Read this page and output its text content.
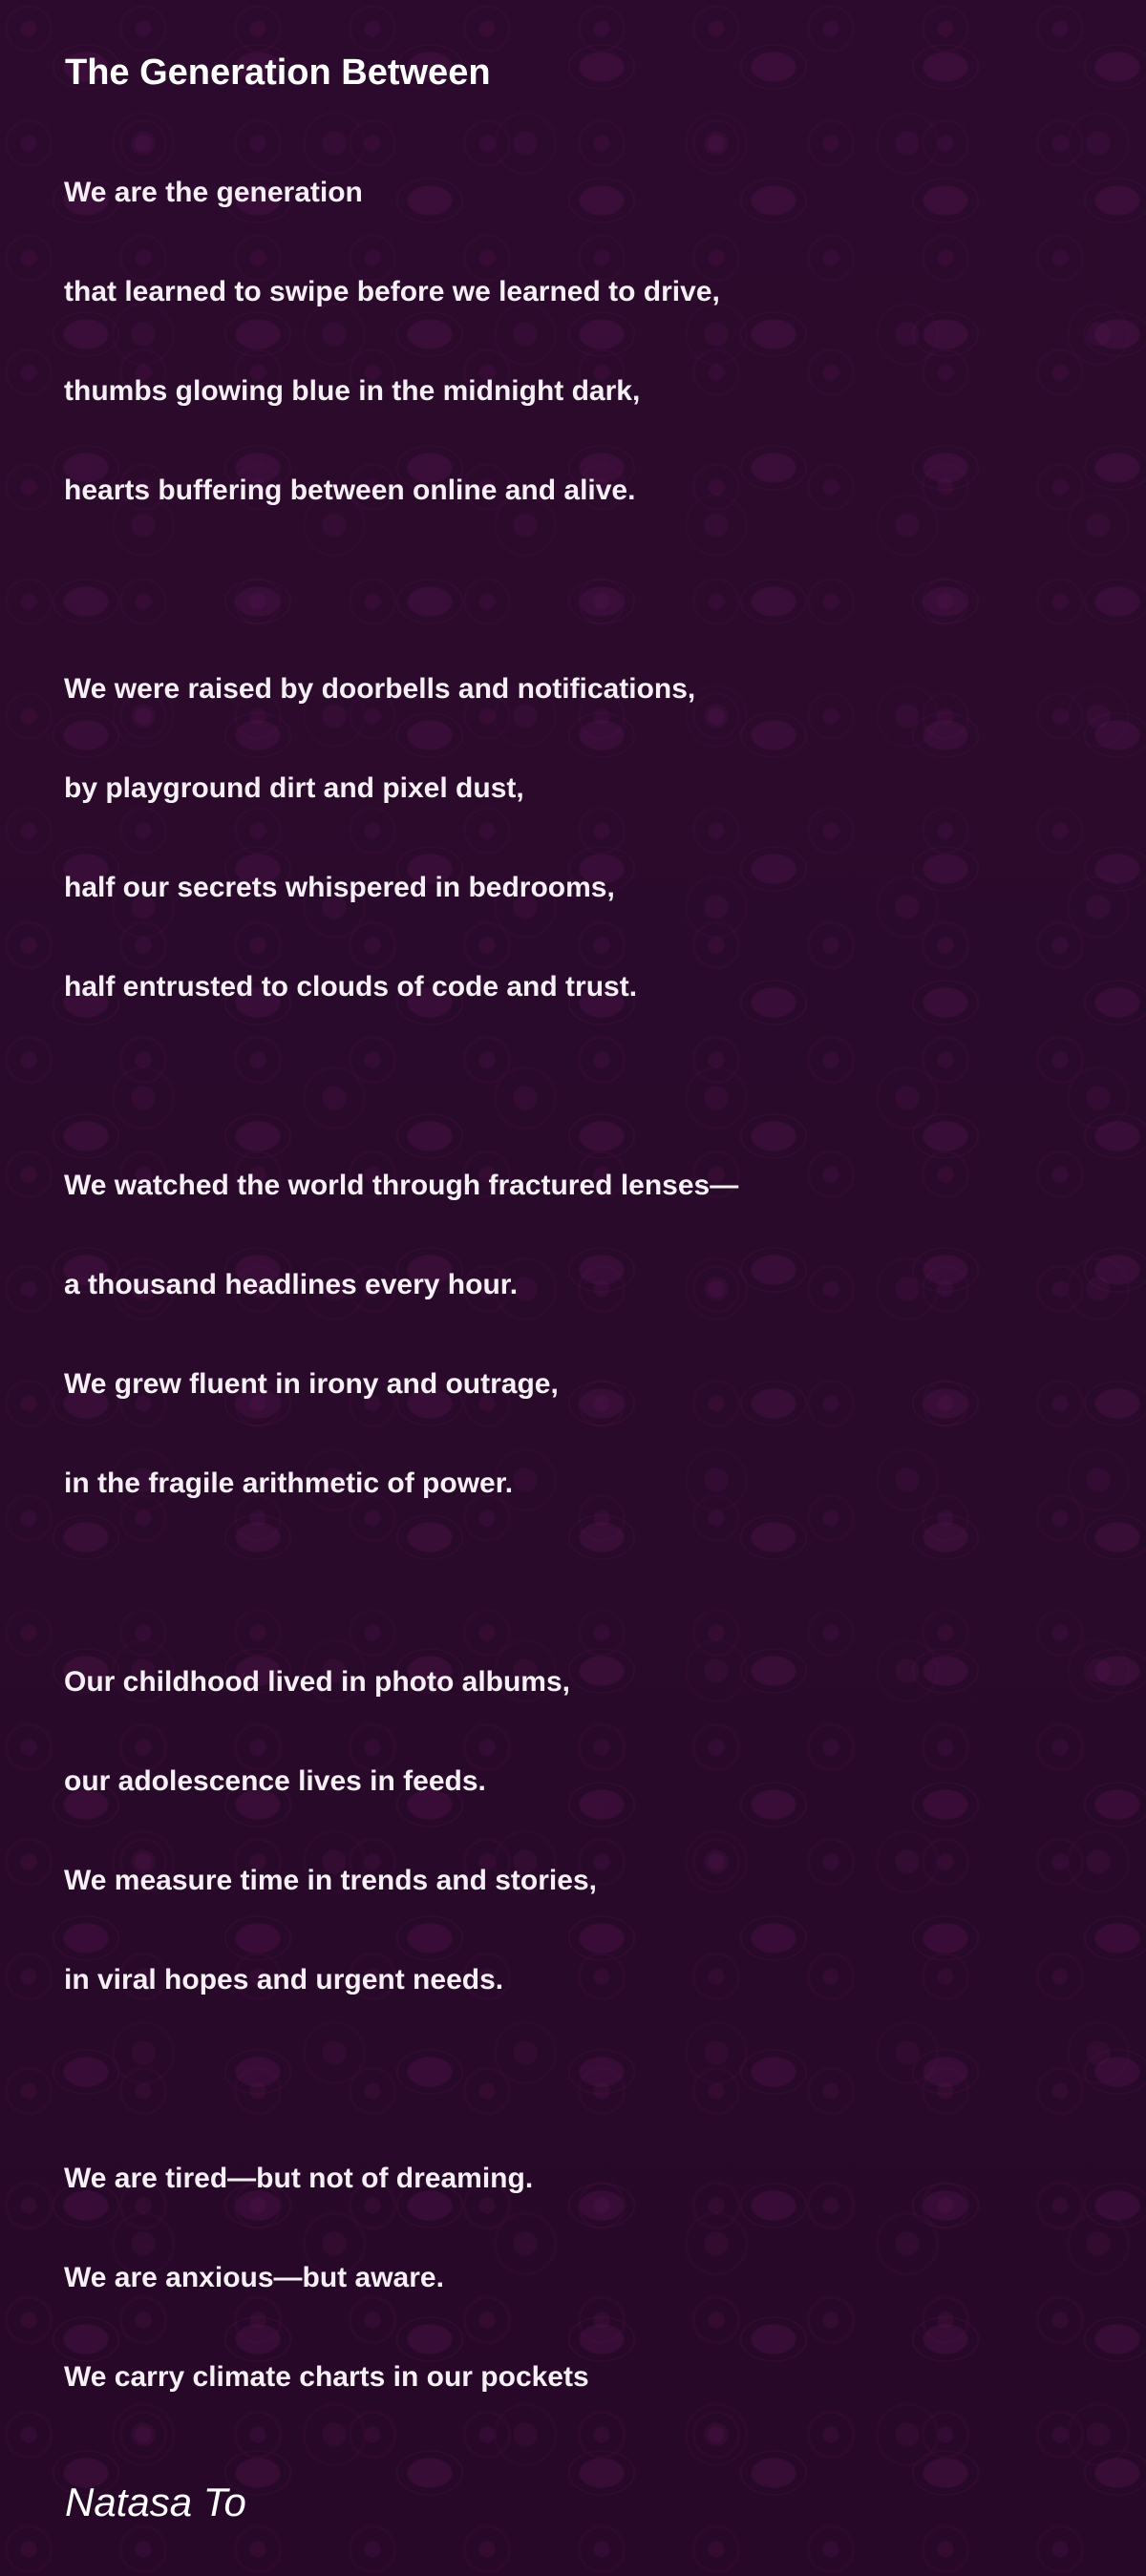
The Generation Between
We are the generation
that learned to swipe before we learned to drive,
thumbs glowing blue in the midnight dark,
hearts buffering between online and alive.
We were raised by doorbells and notifications,
by playground dirt and pixel dust,
half our secrets whispered in bedrooms,
half entrusted to clouds of code and trust.
We watched the world through fractured lenses—
a thousand headlines every hour.
We grew fluent in irony and outrage,
in the fragile arithmetic of power.
Our childhood lived in photo albums,
our adolescence lives in feeds.
We measure time in trends and stories,
in viral hopes and urgent needs.
We are tired—but not of dreaming.
We are anxious—but aware.
We carry climate charts in our pockets
Natasa To
